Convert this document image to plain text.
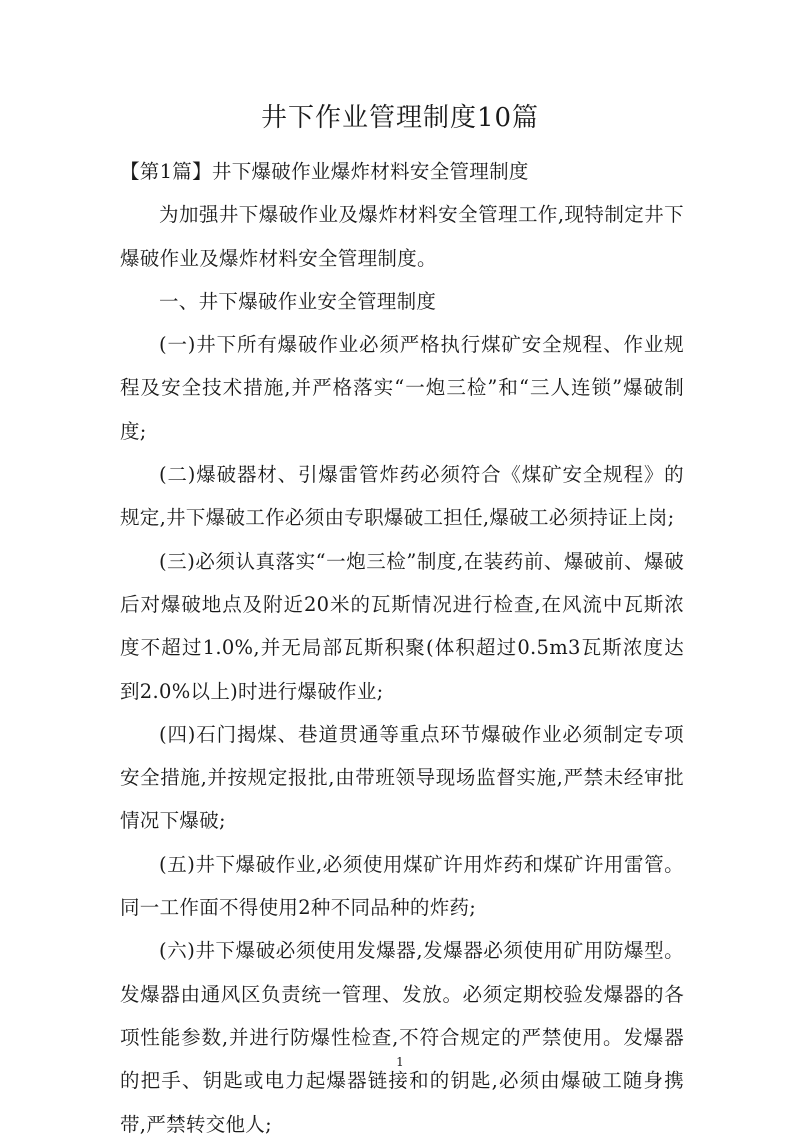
井下作业管理制度10篇

【第1篇】井下爆破作业爆炸材料安全管理制度

为加强井下爆破作业及爆炸材料安全管理工作,现特制定井下爆破作业及爆炸材料安全管理制度。

一、井下爆破作业安全管理制度

(一)井下所有爆破作业必须严格执行煤矿安全规程、作业规程及安全技术措施,并严格落实“一炮三检”和“三人连锁”爆破制度;

(二)爆破器材、引爆雷管炸药必须符合《煤矿安全规程》的规定,井下爆破工作必须由专职爆破工担任,爆破工必须持证上岗;

(三)必须认真落实“一炮三检”制度,在装药前、爆破前、爆破后对爆破地点及附近20米的瓦斯情况进行检查,在风流中瓦斯浓度不超过1.0%,并无局部瓦斯积聚(体积超过0.5m3瓦斯浓度达到2.0%以上)时进行爆破作业;

(四)石门揭煤、巷道贯通等重点环节爆破作业必须制定专项安全措施,并按规定报批,由带班领导现场监督实施,严禁未经审批情况下爆破;

(五)井下爆破作业,必须使用煤矿许用炸药和煤矿许用雷管。同一工作面不得使用2种不同品种的炸药;

(六)井下爆破必须使用发爆器,发爆器必须使用矿用防爆型。发爆器由通风区负责统一管理、发放。必须定期校验发爆器的各项性能参数,并进行防爆性检查,不符合规定的严禁使用。发爆器的把手、钥匙或电力起爆器链接和的钥匙,必须由爆破工随身携带,严禁转交他人;

1
